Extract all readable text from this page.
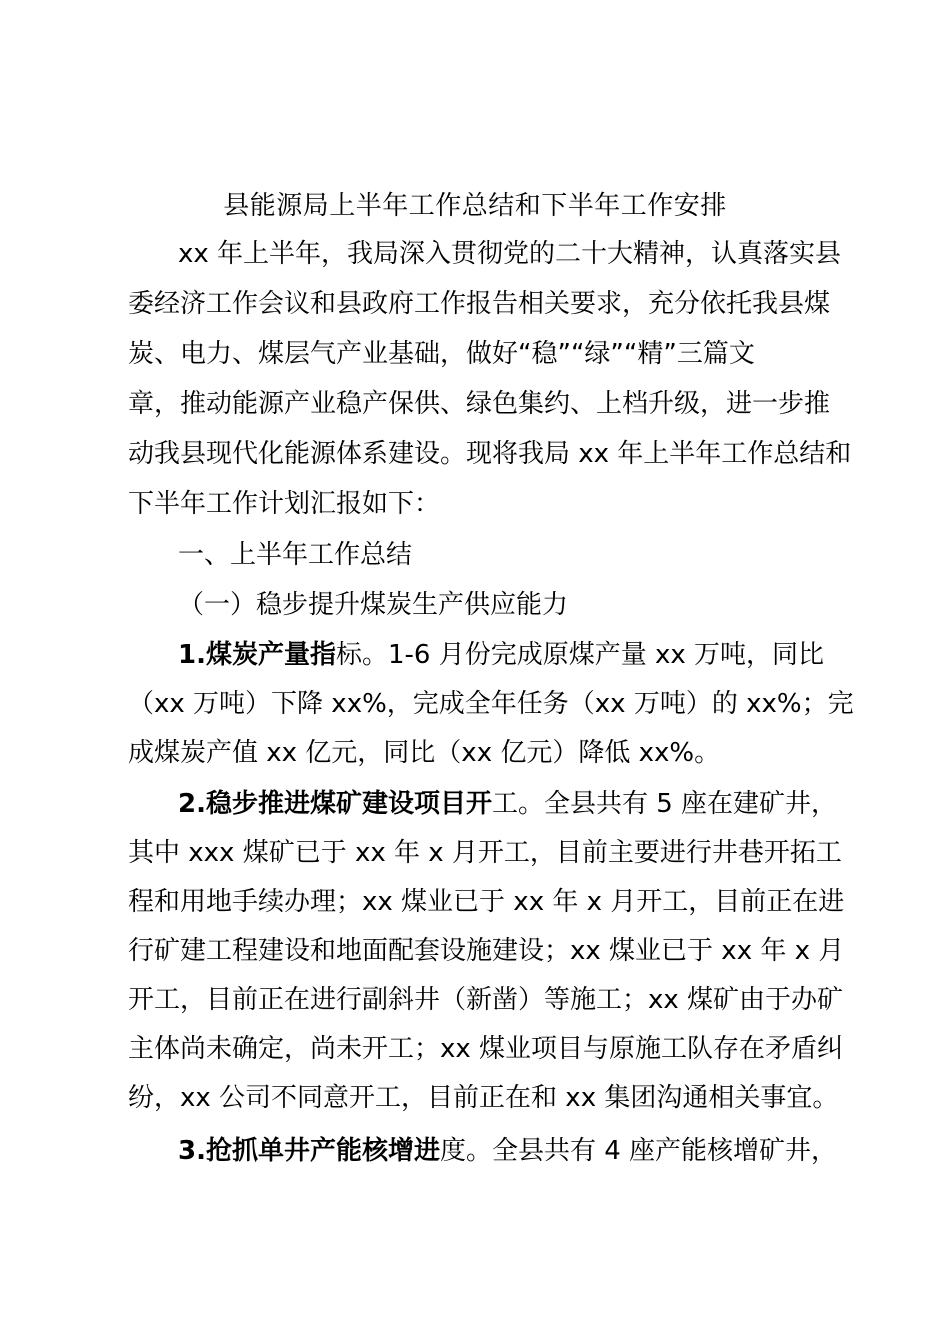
县能源局上半年工作总结和下半年工作安排
xx 年上半年，我局深入贯彻党的二十大精神，认真落实县
委经济工作会议和县政府工作报告相关要求，充分依托我县煤
炭、电力、煤层气产业基础，做好“稳”“绿”“精”三篇文
章，推动能源产业稳产保供、绿色集约、上档升级，进一步推
动我县现代化能源体系建设。现将我局 xx 年上半年工作总结和
下半年工作计划汇报如下：
一、上半年工作总结
（一）稳步提升煤炭生产供应能力
1.煤炭产量指标。1-6 月份完成原煤产量 xx 万吨，同比
（xx 万吨）下降 xx%，完成全年任务（xx 万吨）的 xx%；完
成煤炭产值 xx 亿元，同比（xx 亿元）降低 xx%。
2.稳步推进煤矿建设项目开工。全县共有 5 座在建矿井，
其中 xxx 煤矿已于 xx 年 x 月开工，目前主要进行井巷开拓工
程和用地手续办理；xx 煤业已于 xx 年 x 月开工，目前正在进
行矿建工程建设和地面配套设施建设；xx 煤业已于 xx 年 x 月
开工，目前正在进行副斜井（新凿）等施工；xx 煤矿由于办矿
主体尚未确定，尚未开工；xx 煤业项目与原施工队存在矛盾纠
纷，xx 公司不同意开工，目前正在和 xx 集团沟通相关事宜。
3.抢抓单井产能核增进度。全县共有 4 座产能核增矿井，
